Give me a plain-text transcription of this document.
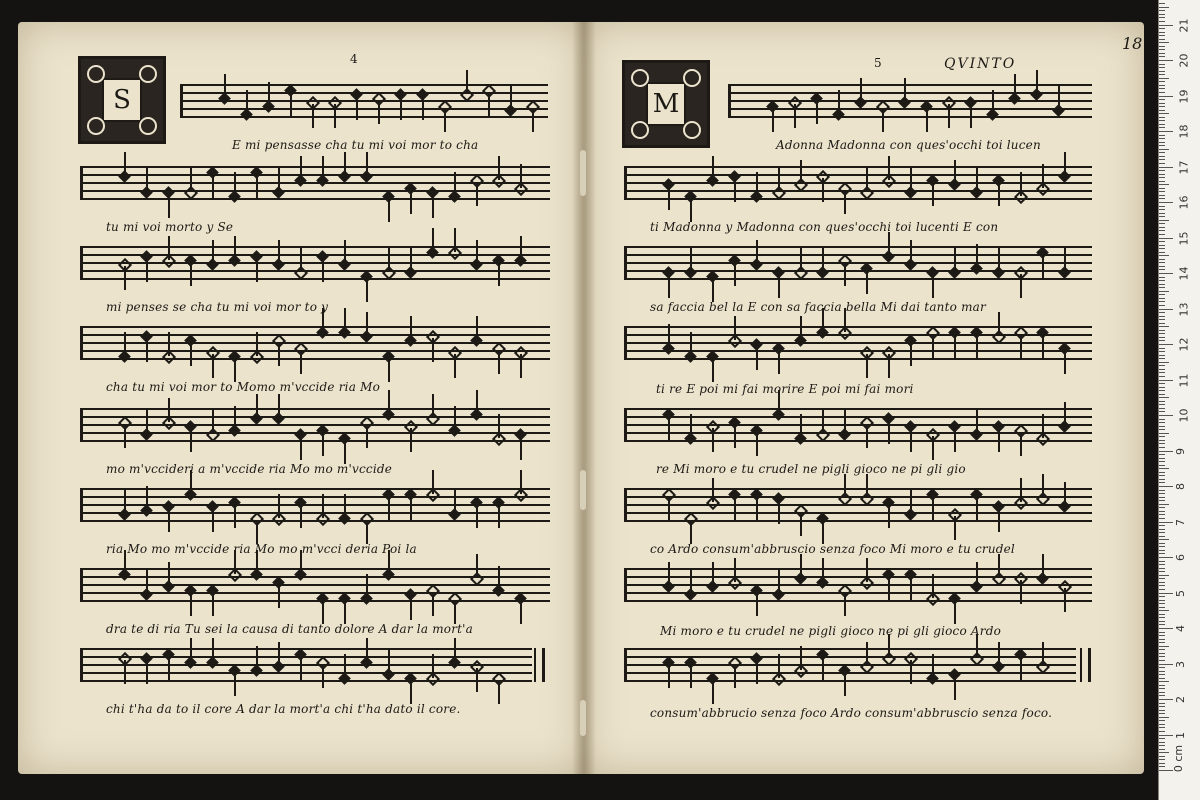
S
4
E mi pensasse cha tu mi voi mor to cha
tu mi voi morto y Se
mi penses se cha tu mi voi mor to y
cha tu mi voi mor to Momo m'vccide ria Mo
mo m'vccideri a m'vccide ria Mo mo m'vccide
ria Mo mo m'vccide ria Mo mo m'vcci deria Poi la
dra te di ria Tu sei la causa di tanto dolore A dar la mort'a
chi t'ha da to il core A dar la mort'a chi t'ha dato il core.
M
5	QVINTO
18
Adonna Madonna con ques'occhi toi lucen
ti Madonna y Madonna con ques'occhi toi lucenti E con
sa faccia bel la E con sa faccia bella Mi dai tanto mar
ti re E poi mi fai morire E poi mi fai mori
re Mi moro e tu crudel ne pigli gioco ne pi gli gio
co Ardo consum'abbruscio senza foco Mi moro e tu crudel
Mi moro e tu crudel ne pigli gioco ne pi gli gioco Ardo
consum'abbrucio senza foco Ardo consum'abbruscio senza foco.
1
2
3
4
5
6
7
8
9
10
11
12
13
14
15
16
17
18
19
20
21
0 cm
